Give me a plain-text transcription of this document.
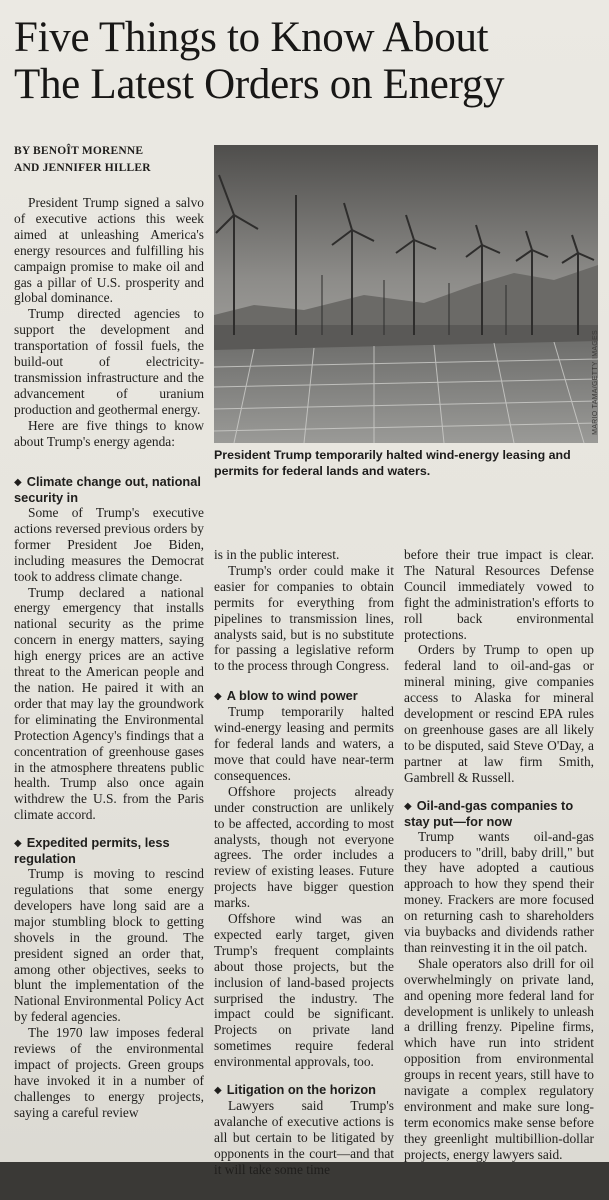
Five Things to Know About
The Latest Orders on Energy
BY BENOÎT MORENNE
AND JENNIFER HILLER
MARIO TAMA/GETTY IMAGES
President Trump temporarily halted wind-energy leasing and permits for federal lands and waters.

President Trump signed a salvo of executive actions this week aimed at unleashing America's energy resources and fulfilling his campaign promise to make oil and gas a pillar of U.S. prosperity and global dominance.

Trump directed agencies to support the development and transportation of fossil fuels, the build-out of electricity-transmission infrastructure and the advancement of uranium production and geothermal energy.

Here are five things to know about Trump's energy agenda:

◆ Climate change out, national security in

Some of Trump's executive actions reversed previous orders by former President Joe Biden, including measures the Democrat took to address climate change.

Trump declared a national energy emergency that installs national security as the prime concern in energy matters, saying high energy prices are an active threat to the American people and the nation. He paired it with an order that may lay the groundwork for eliminating the Environmental Protection Agency's findings that a concentration of greenhouse gases in the atmosphere threatens public health. Trump also once again withdrew the U.S. from the Paris climate accord.

◆ Expedited permits, less regulation

Trump is moving to rescind regulations that some energy developers have long said are a major stumbling block to getting shovels in the ground. The president signed an order that, among other objectives, seeks to blunt the implementation of the National Environmental Policy Act by federal agencies.

The 1970 law imposes federal reviews of the environmental impact of projects. Green groups have invoked it in a number of challenges to energy projects, saying a careful review

is in the public interest.

Trump's order could make it easier for companies to obtain permits for everything from pipelines to transmission lines, analysts said, but is no substitute for passing a legislative reform to the process through Congress.

◆ A blow to wind power

Trump temporarily halted wind-energy leasing and permits for federal lands and waters, a move that could have near-term consequences.

Offshore projects already under construction are unlikely to be affected, according to most analysts, though not everyone agrees. The order includes a review of existing leases. Future projects have bigger question marks.

Offshore wind was an expected early target, given Trump's frequent complaints about those projects, but the inclusion of land-based projects surprised the industry. The impact could be significant. Projects on private land sometimes require federal environmental approvals, too.

◆ Litigation on the horizon

Lawyers said Trump's avalanche of executive actions is all but certain to be litigated by opponents in the court—and that it will take some time

before their true impact is clear. The Natural Resources Defense Council immediately vowed to fight the administration's efforts to roll back environmental protections.

Orders by Trump to open up federal land to oil-and-gas or mineral mining, give companies access to Alaska for mineral development or rescind EPA rules on greenhouse gases are all likely to be disputed, said Steve O'Day, a partner at law firm Smith, Gambrell & Russell.

◆ Oil-and-gas companies to stay put—for now

Trump wants oil-and-gas producers to "drill, baby drill," but they have adopted a cautious approach to how they spend their money. Frackers are more focused on returning cash to shareholders via buybacks and dividends rather than reinvesting it in the oil patch.

Shale operators also drill for oil overwhelmingly on private land, and opening more federal land for development is unlikely to unleash a drilling frenzy. Pipeline firms, which have run into strident opposition from environmental groups in recent years, still have to navigate a complex regulatory environment and make sure long-term economics make sense before they greenlight multibillion-dollar projects, energy lawyers said.
